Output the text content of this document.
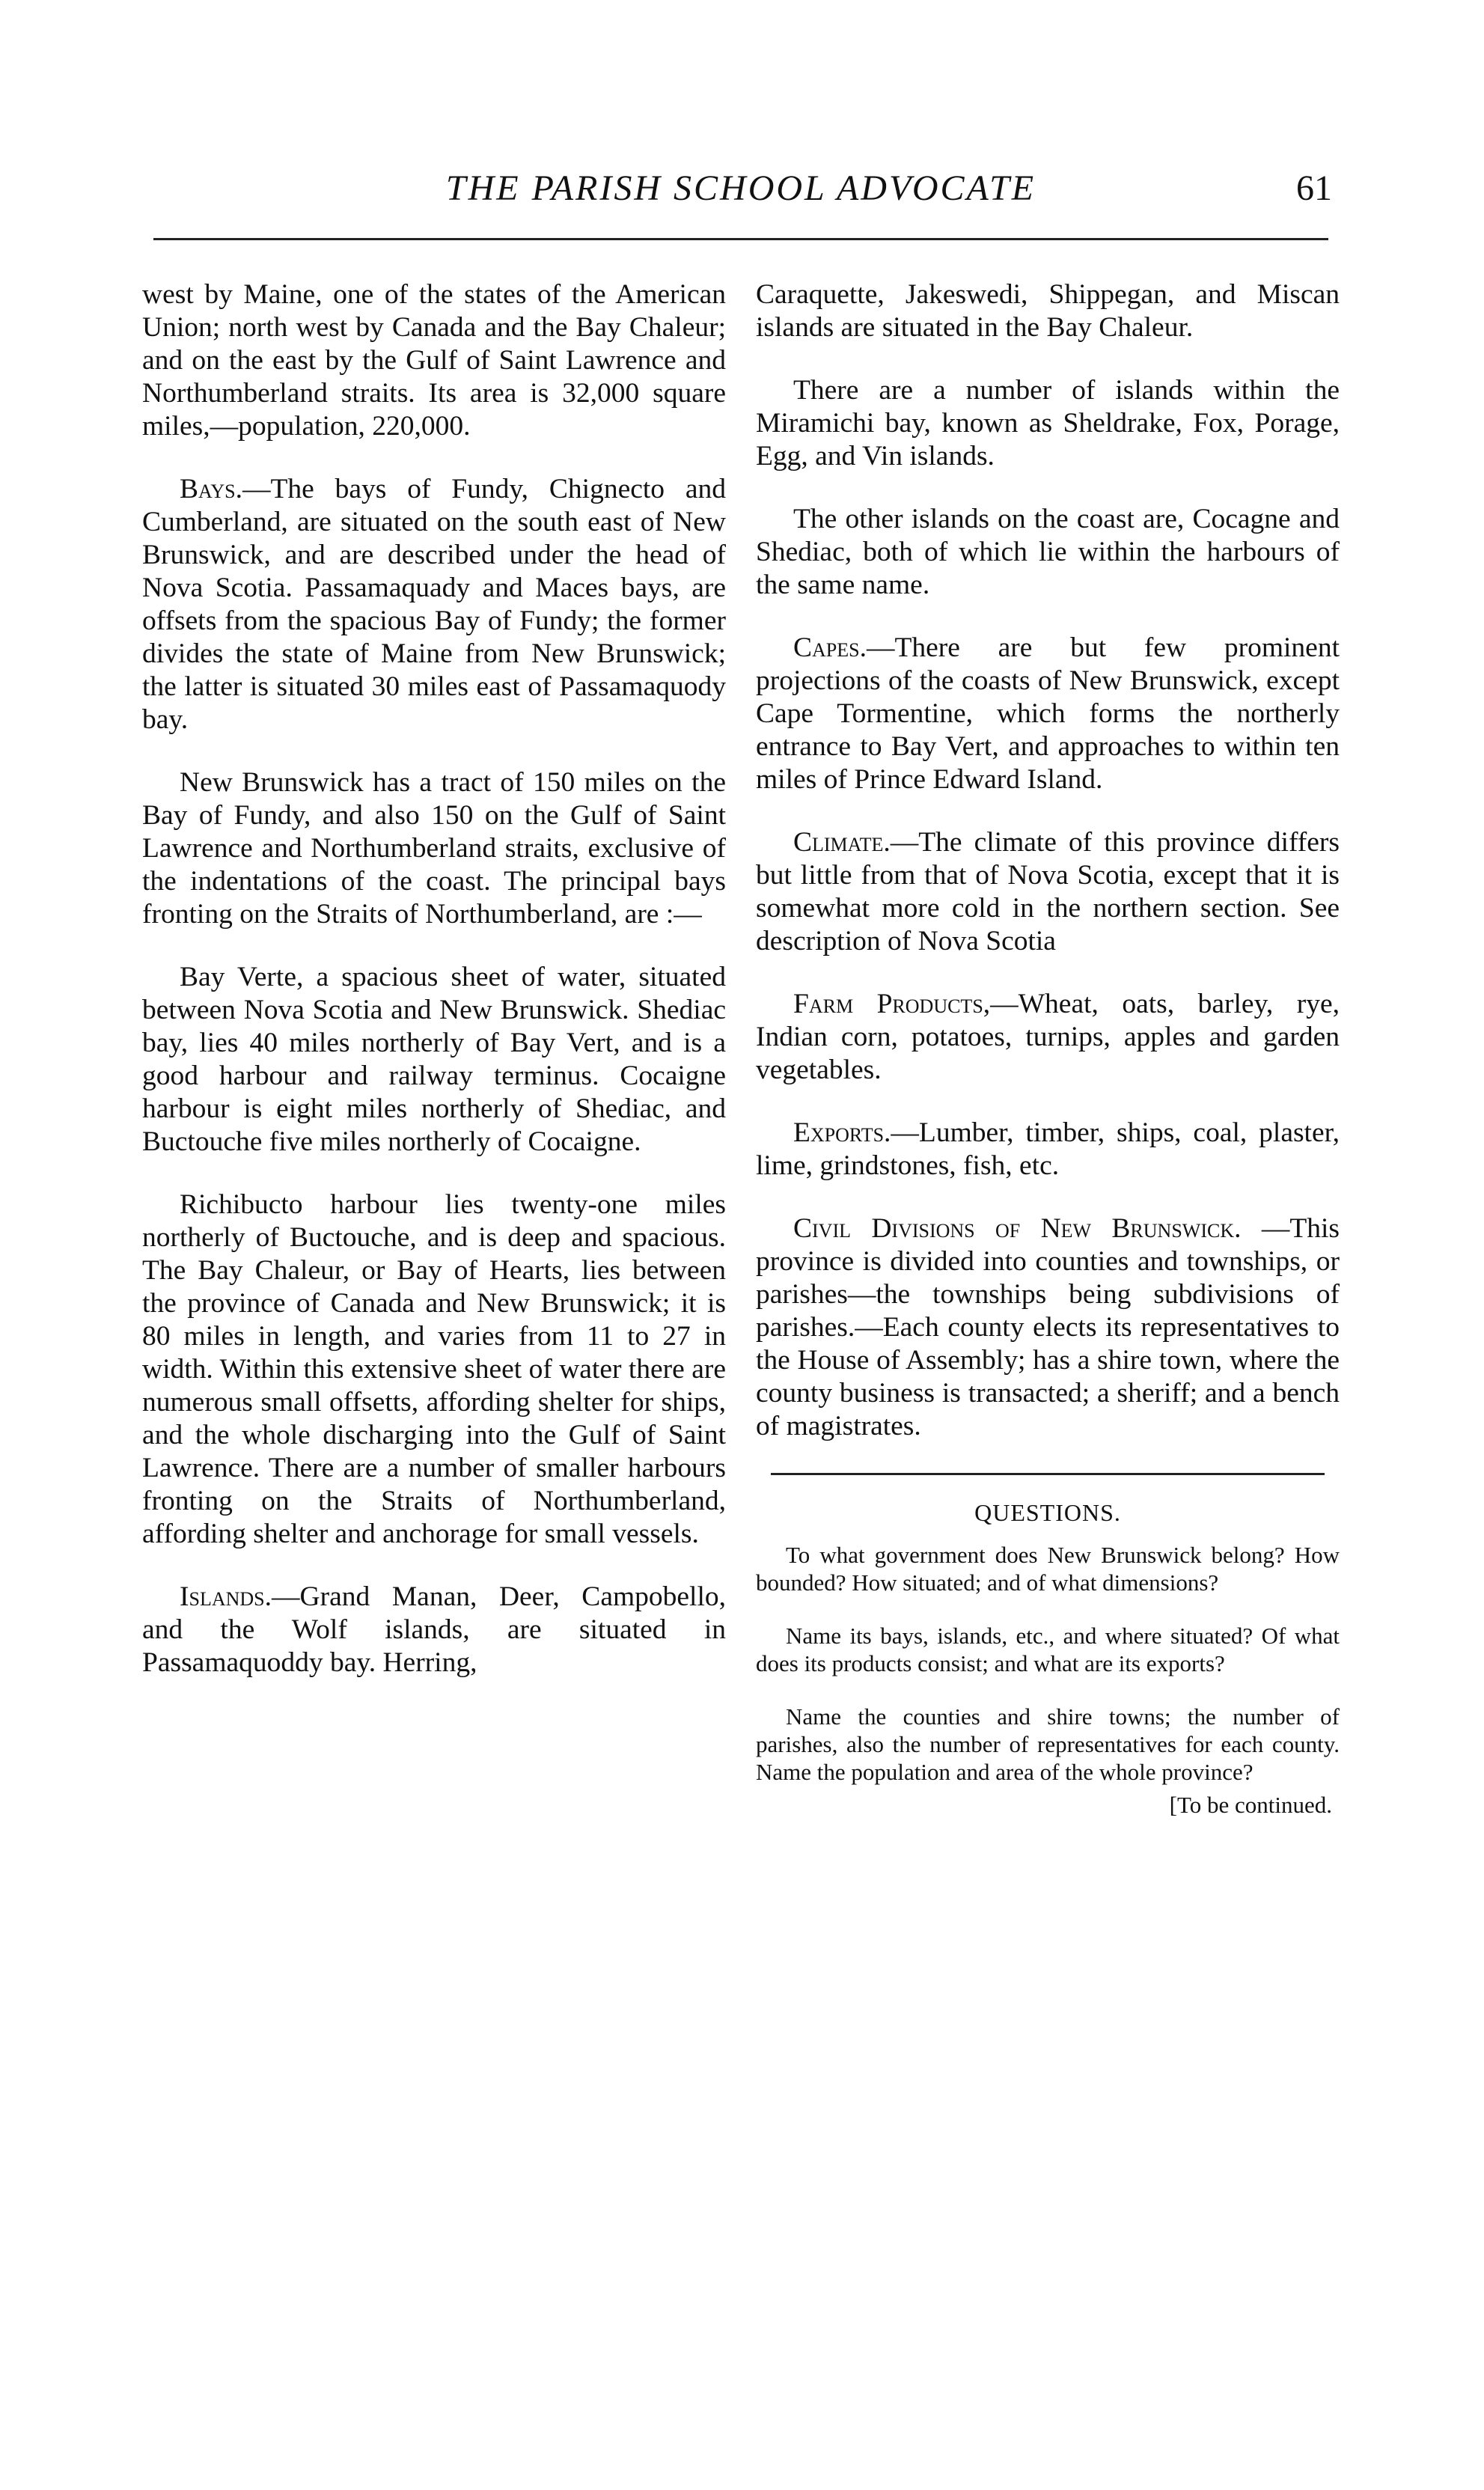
THE PARISH SCHOOL ADVOCATE	61

west by Maine, one of the states of the American Union; north west by Canada and the Bay Chaleur; and on the east by the Gulf of Saint Lawrence and Northumberland straits. Its area is 32,000 square miles,—population, 220,000.

Bays.—The bays of Fundy, Chignecto and Cumberland, are situated on the south east of New Brunswick, and are described under the head of Nova Scotia. Passamaquady and Maces bays, are offsets from the spacious Bay of Fundy; the former divides the state of Maine from New Brunswick; the latter is situated 30 miles east of Passamaquody bay.

New Brunswick has a tract of 150 miles on the Bay of Fundy, and also 150 on the Gulf of Saint Lawrence and Northumberland straits, exclusive of the indentations of the coast. The principal bays fronting on the Straits of Northumberland, are :—

Bay Verte, a spacious sheet of water, situated between Nova Scotia and New Brunswick. Shediac bay, lies 40 miles northerly of Bay Vert, and is a good harbour and railway terminus. Cocaigne harbour is eight miles northerly of Shediac, and Buctouche five miles northerly of Cocaigne.

Richibucto harbour lies twenty-one miles northerly of Buctouche, and is deep and spacious. The Bay Chaleur, or Bay of Hearts, lies between the province of Canada and New Brunswick; it is 80 miles in length, and varies from 11 to 27 in width. Within this extensive sheet of water there are numerous small offsetts, affording shelter for ships, and the whole discharging into the Gulf of Saint Lawrence. There are a number of smaller harbours fronting on the Straits of Northumberland, affording shelter and anchorage for small vessels.

Islands.—Grand Manan, Deer, Campobello, and the Wolf islands, are situated in Passamaquoddy bay. Herring,

Caraquette, Jakeswedi, Shippegan, and Miscan islands are situated in the Bay Chaleur.

There are a number of islands within the Miramichi bay, known as Sheldrake, Fox, Porage, Egg, and Vin islands.

The other islands on the coast are, Cocagne and Shediac, both of which lie within the harbours of the same name.

Capes.—There are but few prominent projections of the coasts of New Brunswick, except Cape Tormentine, which forms the northerly entrance to Bay Vert, and approaches to within ten miles of Prince Edward Island.

Climate.—The climate of this province differs but little from that of Nova Scotia, except that it is somewhat more cold in the northern section. See description of Nova Scotia

Farm Products,—Wheat, oats, barley, rye, Indian corn, potatoes, turnips, apples and garden vegetables.

Exports.—Lumber, timber, ships, coal, plaster, lime, grindstones, fish, etc.

Civil Divisions of New Brunswick. —This province is divided into counties and townships, or parishes—the townships being subdivisions of parishes.—Each county elects its representatives to the House of Assembly; has a shire town, where the county business is transacted; a sheriff; and a bench of magistrates.

QUESTIONS.

To what government does New Brunswick belong? How bounded? How situated; and of what dimensions?

Name its bays, islands, etc., and where situated? Of what does its products consist; and what are its exports?

Name the counties and shire towns; the number of parishes, also the number of representatives for each county. Name the population and area of the whole province?

[To be continued.
